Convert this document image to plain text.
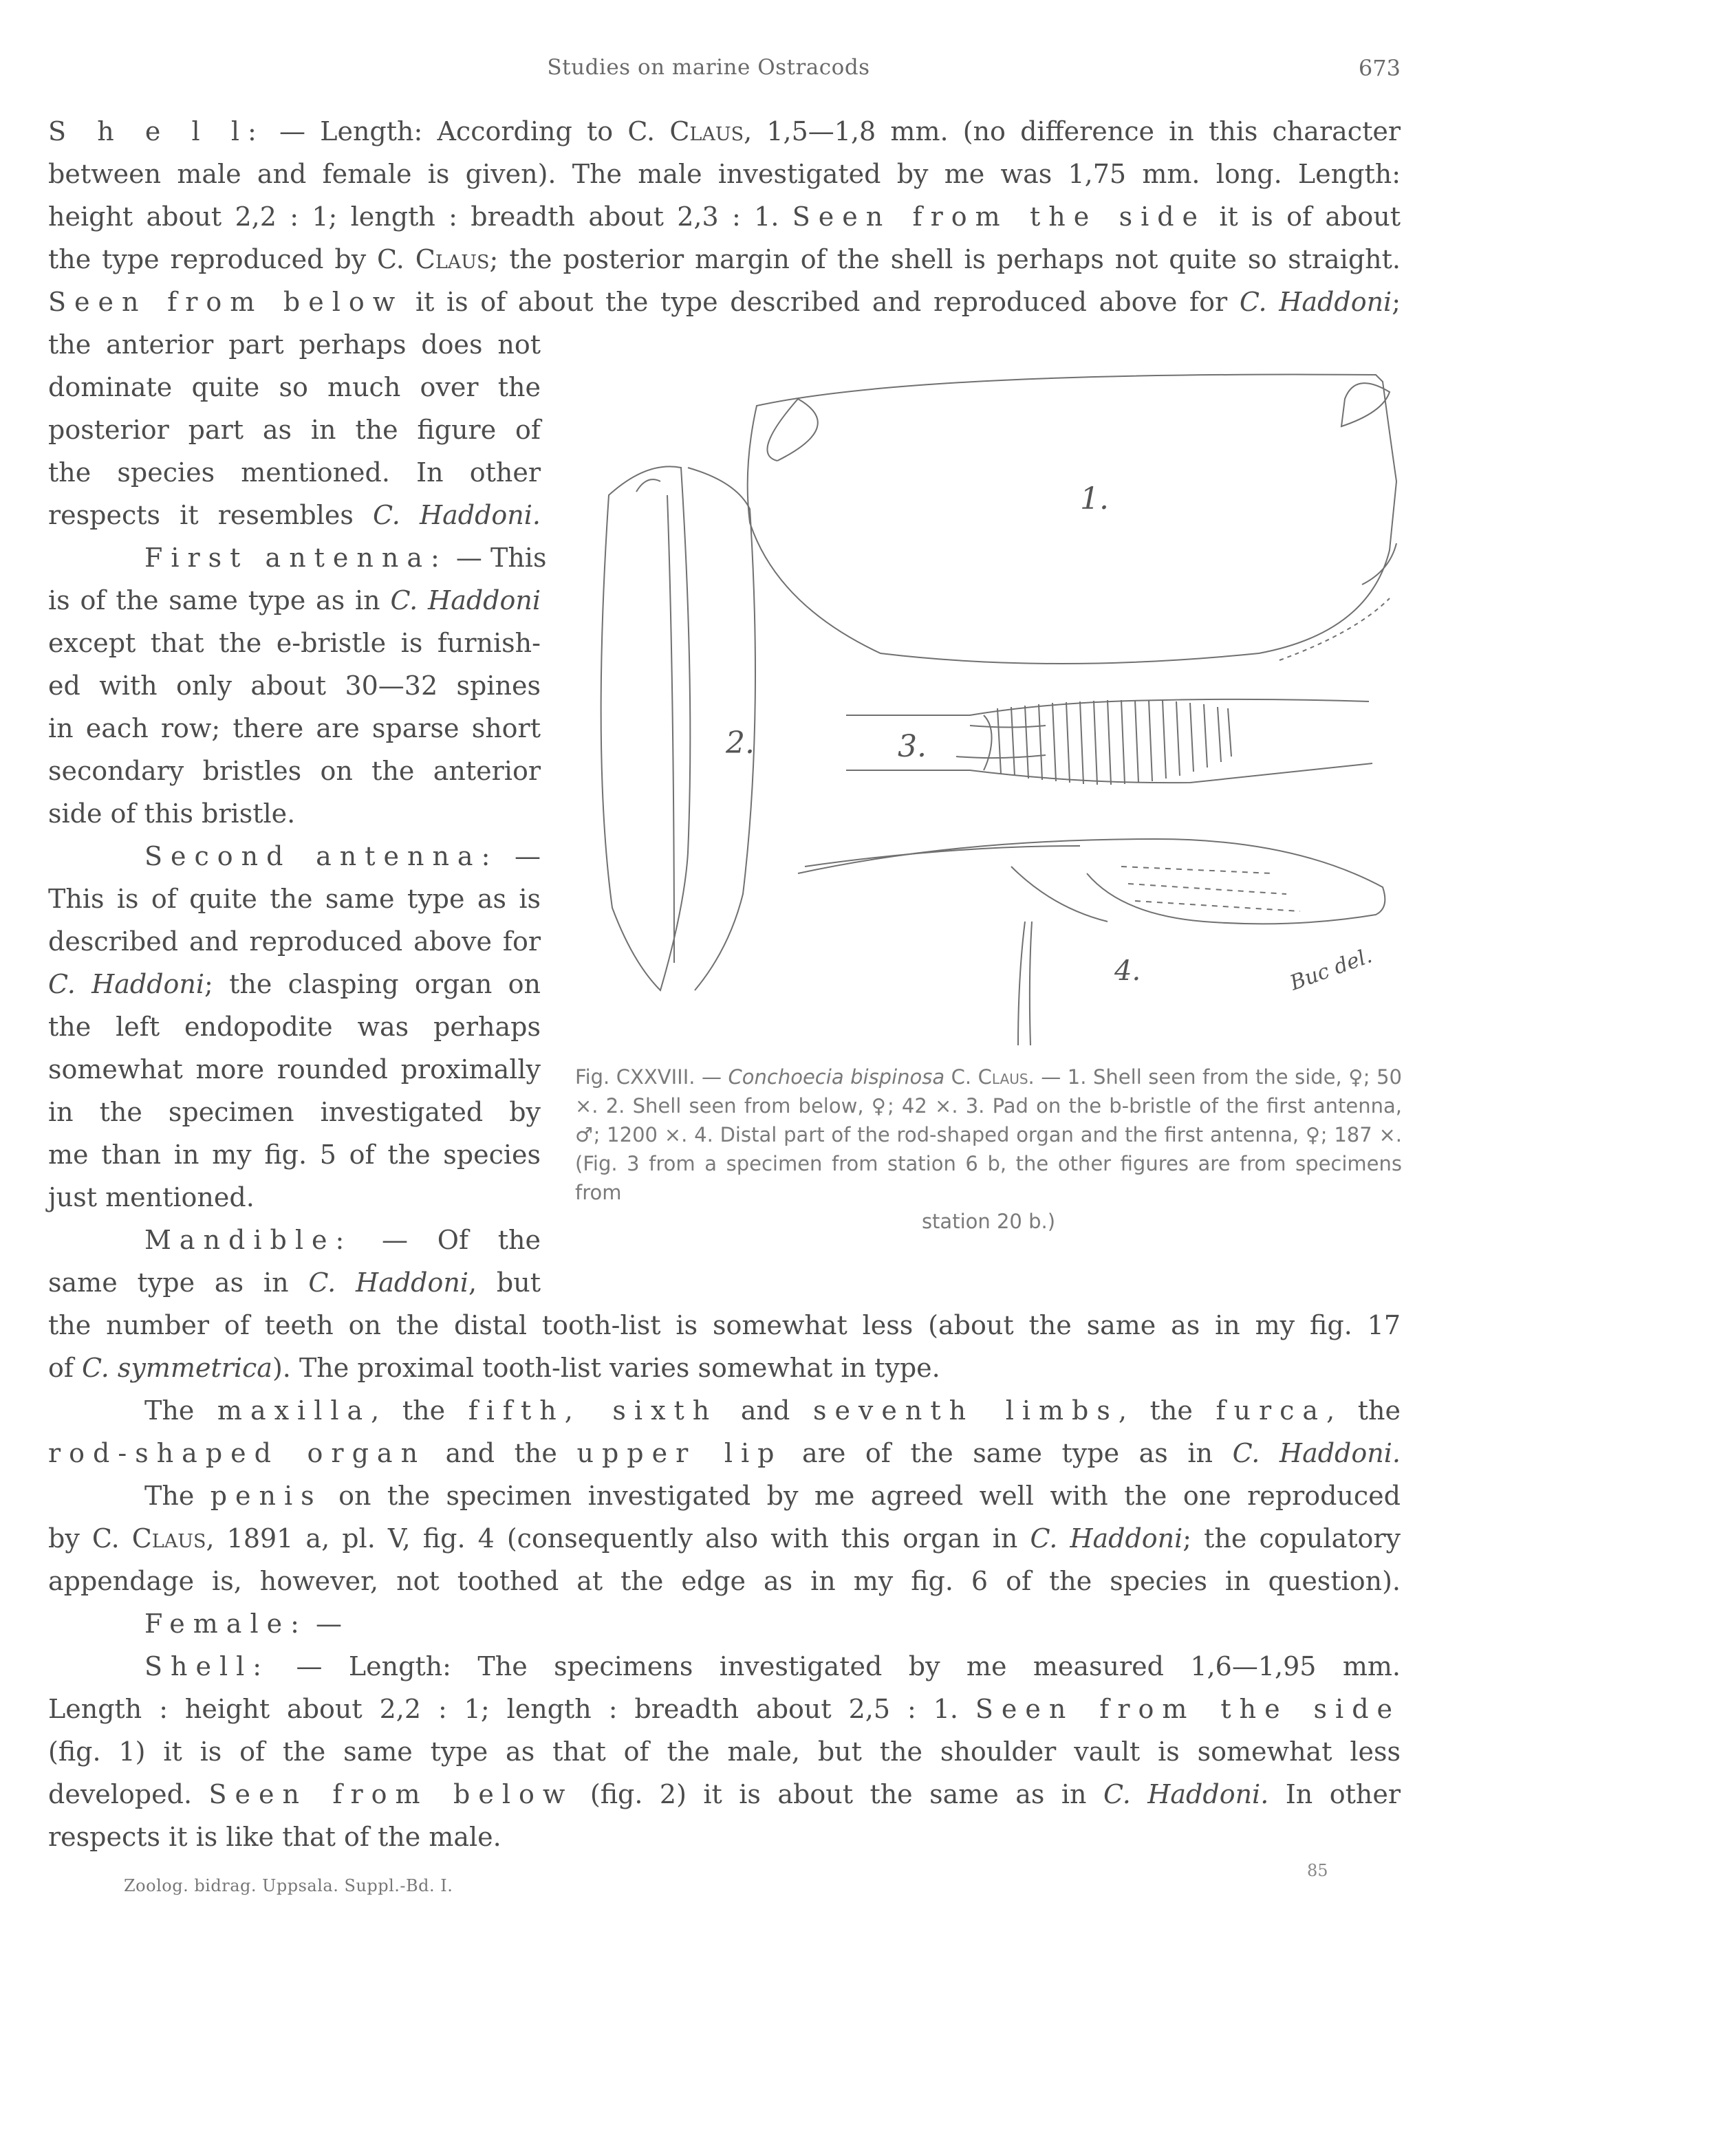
Studies on marine Ostracods	673
S h e l l: — Length: According to C. Claus, 1,5—1,8 mm. (no difference in this character
between male and female is given). The male investigated by me was 1,75 mm. long. Length:
height about 2,2 : 1; length : breadth about 2,3 : 1. Seen from the side it is of about
the type reproduced by C. Claus; the posterior margin of the shell is perhaps not quite so straight.
Seen from below it is of about the type described and reproduced above for C. Haddoni;
the anterior part perhaps does not
dominate quite so much over the
posterior part as in the figure of
the species mentioned. In other
respects it resembles C. Haddoni.
First antenna: — This
is of the same type as in C. Haddoni
except that the e-bristle is furnish-
ed with only about 30—32 spines
in each row; there are sparse short
secondary bristles on the anterior
side of this bristle.
Second antenna: —
This is of quite the same type as is
described and reproduced above for
C. Haddoni; the clasping organ on
the left endopodite was perhaps
somewhat more rounded proximally
in the specimen investigated by
me than in my fig. 5 of the species
just mentioned.
Mandible: — Of the
same type as in C. Haddoni, but
the number of teeth on the distal tooth-list is somewhat less (about the same as in my fig. 17
of C. symmetrica). The proximal tooth-list varies somewhat in type.
The maxilla, the fifth, sixth and seventh limbs, the furca, the
rod-shaped organ and the upper lip are of the same type as in C. Haddoni.
The penis on the specimen investigated by me agreed well with the one reproduced
by C. Claus, 1891 a, pl. V, fig. 4 (consequently also with this organ in C. Haddoni; the copulatory
appendage is, however, not toothed at the edge as in my fig. 6 of the species in question).
Female: —
Shell: — Length: The specimens investigated by me measured 1,6—1,95 mm.
Length : height about 2,2 : 1; length : breadth about 2,5 : 1. Seen from the side
(fig. 1) it is of the same type as that of the male, but the shoulder vault is somewhat less
developed. Seen from below (fig. 2) it is about the same as in C. Haddoni. In other
respects it is like that of the male.
1.
2.	3.
4.	Buc del.
Fig. CXXVIII. — Conchoecia bispinosa C. Claus. — 1. Shell seen from the side, ♀; 50 ×. 2. Shell seen from below, ♀; 42 ×. 3. Pad on the b-bristle of the first antenna, ♂; 1200 ×. 4. Distal part of the rod-shaped organ and the first antenna, ♀; 187 ×. (Fig. 3 from a specimen from station 6 b, the other figures are from specimens from
station 20 b.)
Zoolog. bidrag. Uppsala. Suppl.-Bd. I.
85
